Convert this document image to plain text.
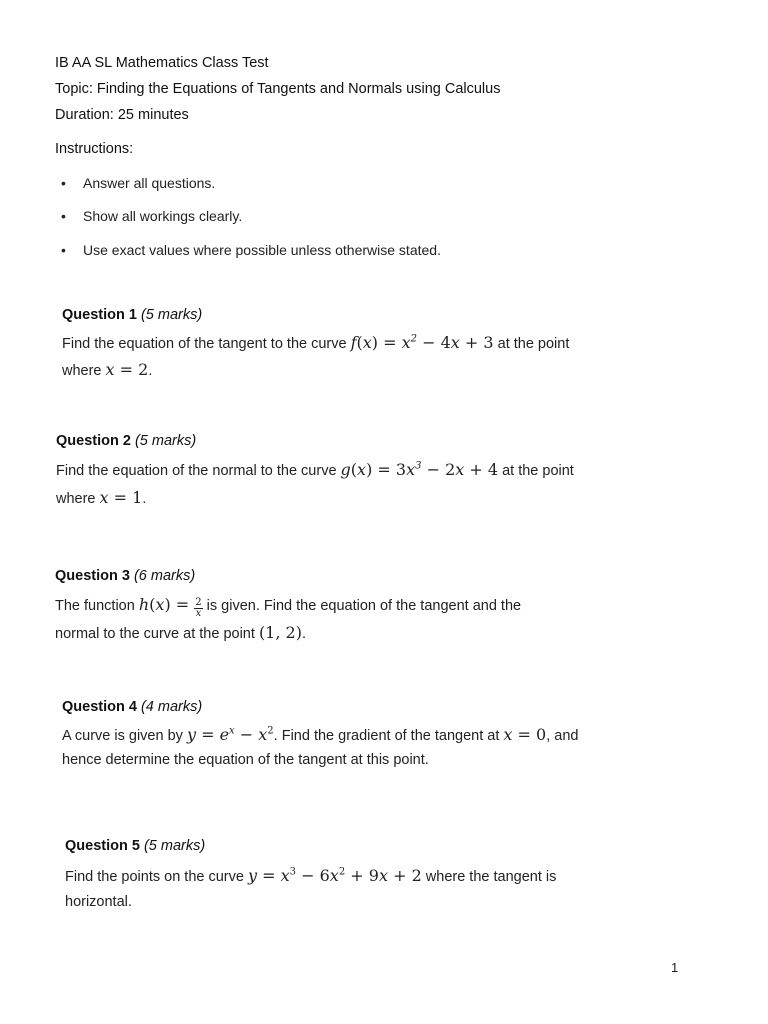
IB AA SL Mathematics Class Test
Topic: Finding the Equations of Tangents and Normals using Calculus
Duration: 25 minutes
Instructions:
• Answer all questions.
• Show all workings clearly.
• Use exact values where possible unless otherwise stated.
Question 1 (5 marks)
Find the equation of the tangent to the curve $f(x) = x^2 - 4x + 3$ at the point
where x = 2.
Question 2 (5 marks)
Find the equation of the normal to the curve $g(x) = 3x^3 - 2x + 4$ at the point
where x = 1.
Question 3 (6 marks)
The function $h(x) = \frac{2}{x}$ is given. Find the equation of the tangent and the
normal to the curve at the point (1, 2).
Question 4 (4 marks)
A curve is given by $y = e^x - x^2$. Find the gradient of the tangent at x = 0, and
hence determine the equation of the tangent at this point.
Question 5 (5 marks)
Find the points on the curve $y = x^3 - 6x^2 + 9x + 2$ where the tangent is
horizontal.
1
